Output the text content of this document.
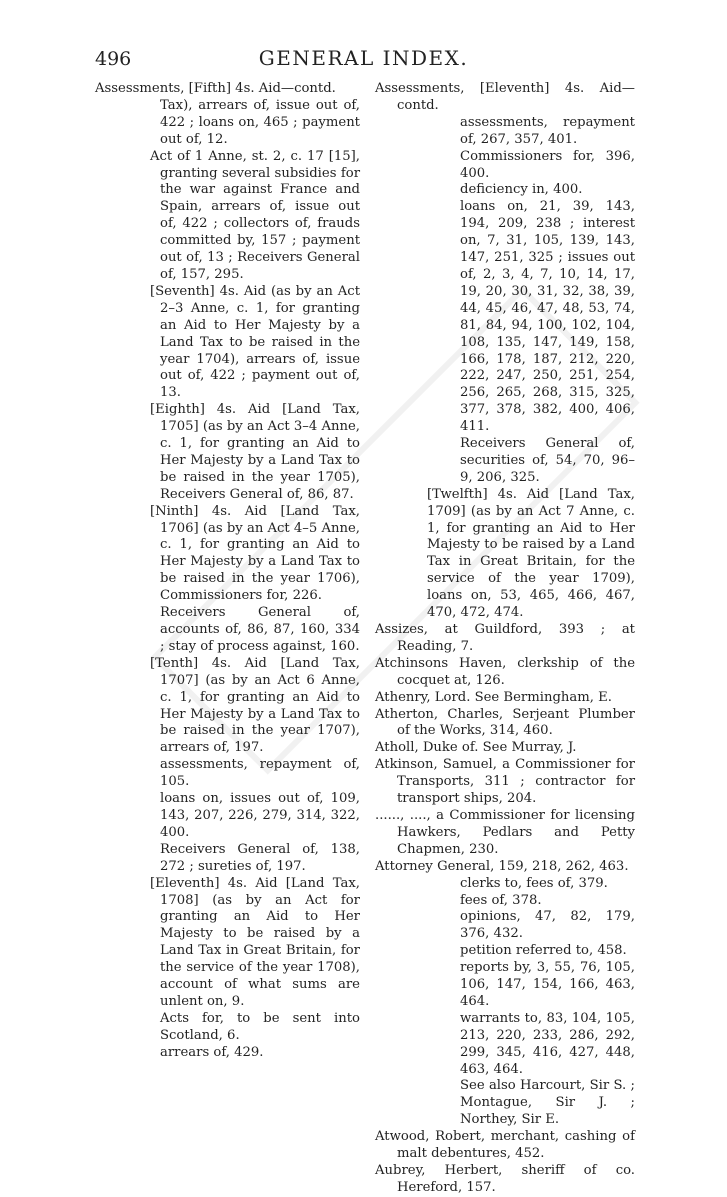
496	GENERAL INDEX.

Assessments, [Fifth] 4s. Aid—contd.

Tax), arrears of, issue out of, 422 ; loans on, 465 ; payment out of, 12.

Act of 1 Anne, st. 2, c. 17 [15], granting several subsidies for the war against France and Spain, arrears of, issue out of, 422 ; collectors of, frauds committed by, 157 ; payment out of, 13 ; Receivers General of, 157, 295.

[Seventh] 4s. Aid (as by an Act 2–3 Anne, c. 1, for granting an Aid to Her Majesty by a Land Tax to be raised in the year 1704), arrears of, issue out of, 422 ; payment out of, 13.

[Eighth] 4s. Aid [Land Tax, 1705] (as by an Act 3–4 Anne, c. 1, for granting an Aid to Her Majesty by a Land Tax to be raised in the year 1705), Receivers General of, 86, 87.

[Ninth] 4s. Aid [Land Tax, 1706] (as by an Act 4–5 Anne, c. 1, for granting an Aid to Her Majesty by a Land Tax to be raised in the year 1706), Commissioners for, 226.

Receivers General of, accounts of, 86, 87, 160, 334 ; stay of process against, 160.

[Tenth] 4s. Aid [Land Tax, 1707] (as by an Act 6 Anne, c. 1, for granting an Aid to Her Majesty by a Land Tax to be raised in the year 1707), arrears of, 197.

assessments, repayment of, 105.

loans on, issues out of, 109, 143, 207, 226, 279, 314, 322, 400.

Receivers General of, 138, 272 ; sureties of, 197.

[Eleventh] 4s. Aid [Land Tax, 1708] (as by an Act for granting an Aid to Her Majesty to be raised by a Land Tax in Great Britain, for the service of the year 1708), account of what sums are unlent on, 9.

Acts for, to be sent into Scotland, 6.

arrears of, 429.

Assessments, [Eleventh] 4s. Aid—contd.

assessments, repayment of, 267, 357, 401.

Commissioners for, 396, 400.

deficiency in, 400.

loans on, 21, 39, 143, 194, 209, 238 ; interest on, 7, 31, 105, 139, 143, 147, 251, 325 ; issues out of, 2, 3, 4, 7, 10, 14, 17, 19, 20, 30, 31, 32, 38, 39, 44, 45, 46, 47, 48, 53, 74, 81, 84, 94, 100, 102, 104, 108, 135, 147, 149, 158, 166, 178, 187, 212, 220, 222, 247, 250, 251, 254, 256, 265, 268, 315, 325, 377, 378, 382, 400, 406, 411.

Receivers General of, securities of, 54, 70, 96–9, 206, 325.

[Twelfth] 4s. Aid [Land Tax, 1709] (as by an Act 7 Anne, c. 1, for granting an Aid to Her Majesty to be raised by a Land Tax in Great Britain, for the service of the year 1709), loans on, 53, 465, 466, 467, 470, 472, 474.

Assizes, at Guildford, 393 ; at Reading, 7.

Atchinsons Haven, clerkship of the cocquet at, 126.

Athenry, Lord. See Bermingham, E.

Atherton, Charles, Serjeant Plumber of the Works, 314, 460.

Atholl, Duke of. See Murray, J.

Atkinson, Samuel, a Commissioner for Transports, 311 ; contractor for transport ships, 204.

......, ...., a Commissioner for licensing Hawkers, Pedlars and Petty Chapmen, 230.

Attorney General, 159, 218, 262, 463.

clerks to, fees of, 379.

fees of, 378.

opinions, 47, 82, 179, 376, 432.

petition referred to, 458.

reports by, 3, 55, 76, 105, 106, 147, 154, 166, 463, 464.

warrants to, 83, 104, 105, 213, 220, 233, 286, 292, 299, 345, 416, 427, 448, 463, 464.

See also Harcourt, Sir S. ; Montague, Sir J. ; Northey, Sir E.

Atwood, Robert, merchant, cashing of malt debentures, 452.

Aubrey, Herbert, sheriff of co. Hereford, 157.
